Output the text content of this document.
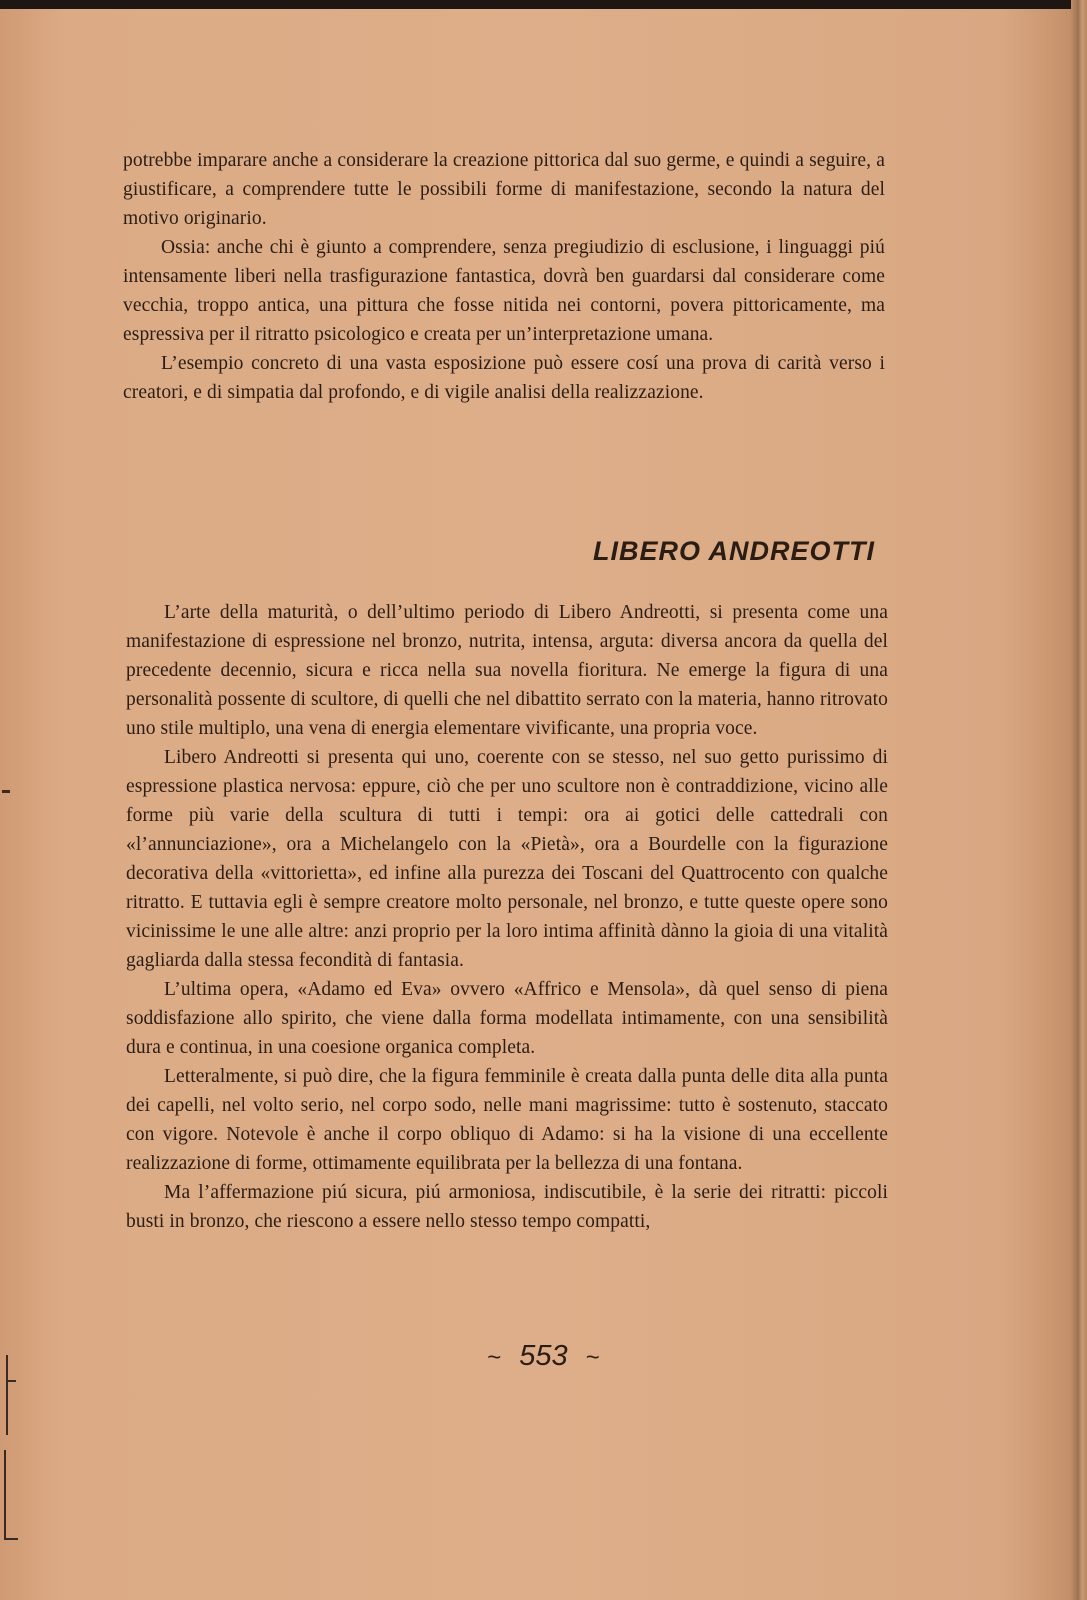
potrebbe imparare anche a considerare la creazione pittorica dal suo germe, e quindi a seguire, a giustificare, a comprendere tutte le possibili forme di manifestazione, secondo la natura del motivo originario.

Ossia: anche chi è giunto a comprendere, senza pregiudizio di esclusione, i linguaggi piú intensamente liberi nella trasfigurazione fantastica, dovrà ben guardarsi dal considerare come vecchia, troppo antica, una pittura che fosse nitida nei contorni, povera pittoricamente, ma espressiva per il ritratto psicologico e creata per un’interpretazione umana.

L’esempio concreto di una vasta esposizione può essere cosí una prova di carità verso i creatori, e di simpatia dal profondo, e di vigile analisi della realizzazione.

LIBERO ANDREOTTI

L’arte della maturità, o dell’ultimo periodo di Libero Andreotti, si presenta come una manifestazione di espressione nel bronzo, nutrita, intensa, arguta: diversa ancora da quella del precedente decennio, sicura e ricca nella sua novella fioritura. Ne emerge la figura di una personalità possente di scultore, di quelli che nel dibattito serrato con la materia, hanno ritrovato uno stile multiplo, una vena di energia elementare vivificante, una propria voce.

Libero Andreotti si presenta qui uno, coerente con se stesso, nel suo getto purissimo di espressione plastica nervosa: eppure, ciò che per uno scultore non è contraddizione, vicino alle forme più varie della scultura di tutti i tempi: ora ai gotici delle cattedrali con «l’annunciazione», ora a Michelangelo con la «Pietà», ora a Bourdelle con la figurazione decorativa della «vittorietta», ed infine alla purezza dei Toscani del Quattrocento con qualche ritratto. E tuttavia egli è sempre creatore molto personale, nel bronzo, e tutte queste opere sono vicinissime le une alle altre: anzi proprio per la loro intima affinità dànno la gioia di una vitalità gagliarda dalla stessa fecondità di fantasia.

L’ultima opera, «Adamo ed Eva» ovvero «Affrico e Mensola», dà quel senso di piena soddisfazione allo spirito, che viene dalla forma modellata intimamente, con una sensibilità dura e continua, in una coesione organica completa.

Letteralmente, si può dire, che la figura femminile è creata dalla punta delle dita alla punta dei capelli, nel volto serio, nel corpo sodo, nelle mani magrissime: tutto è sostenuto, staccato con vigore. Notevole è anche il corpo obliquo di Adamo: si ha la visione di una eccellente realizzazione di forme, ottimamente equilibrata per la bellezza di una fontana.

Ma l’affermazione piú sicura, piú armoniosa, indiscutibile, è la serie dei ritratti: piccoli busti in bronzo, che riescono a essere nello stesso tempo compatti,

~ 553 ~
